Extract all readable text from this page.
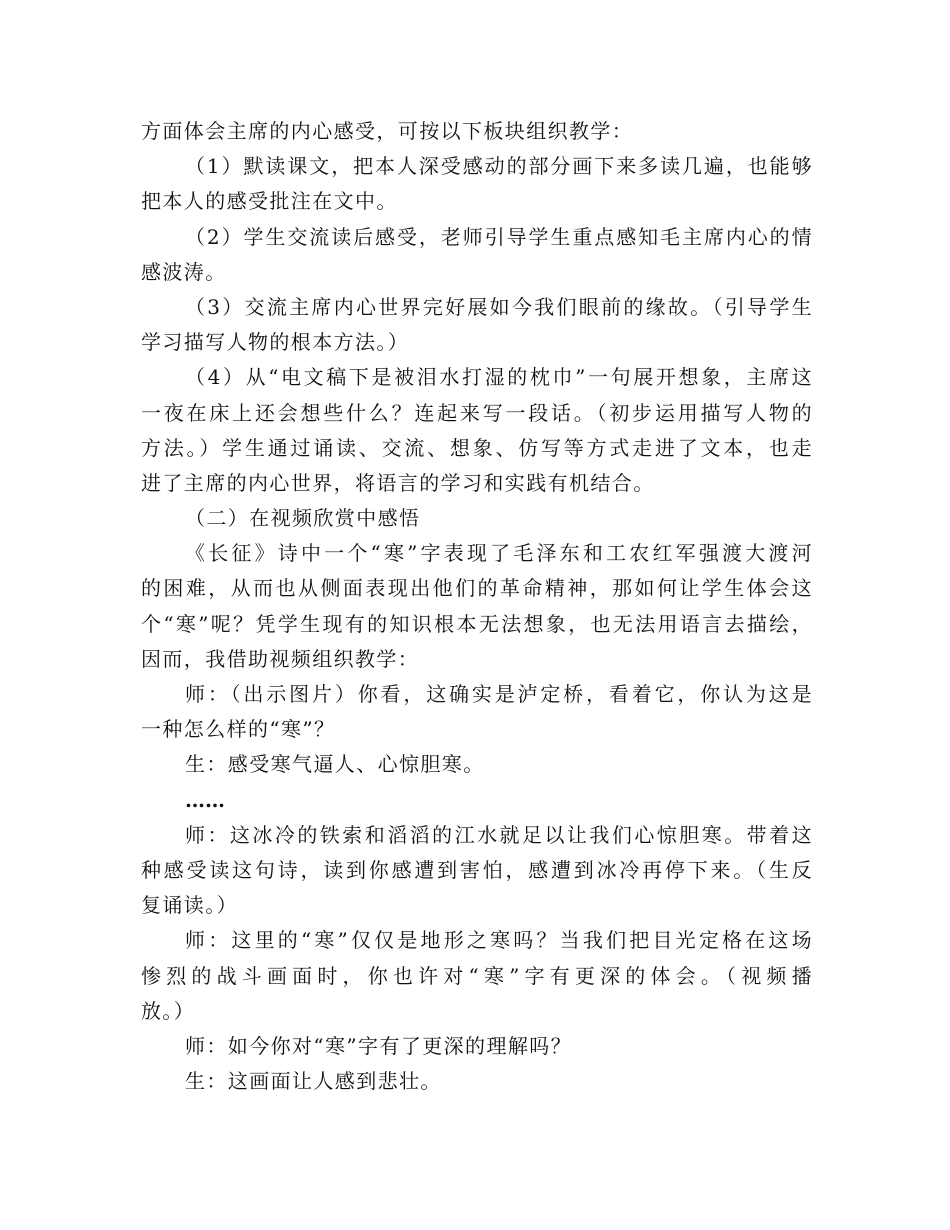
方面体会主席的内心感受，可按以下板块组织教学：
（1）默读课文，把本人深受感动的部分画下来多读几遍，也能够
把本人的感受批注在文中。
（2）学生交流读后感受，老师引导学生重点感知毛主席内心的情
感波涛。
（3）交流主席内心世界完好展如今我们眼前的缘故。（引导学生
学习描写人物的根本方法。）
（4）从“电文稿下是被泪水打湿的枕巾”一句展开想象，主席这
一夜在床上还会想些什么？连起来写一段话。（初步运用描写人物的
方法。）学生通过诵读、交流、想象、仿写等方式走进了文本，也走
进了主席的内心世界，将语言的学习和实践有机结合。
（二）在视频欣赏中感悟
《长征》诗中一个“寒”字表现了毛泽东和工农红军强渡大渡河
的困难，从而也从侧面表现出他们的革命精神，那如何让学生体会这
个“寒”呢？凭学生现有的知识根本无法想象，也无法用语言去描绘，
因而，我借助视频组织教学：
师：（出示图片）你看，这确实是泸定桥，看着它，你认为这是
一种怎么样的“寒”？
生：感受寒气逼人、心惊胆寒。
……
师：这冰冷的铁索和滔滔的江水就足以让我们心惊胆寒。带着这
种感受读这句诗，读到你感遭到害怕，感遭到冰冷再停下来。（生反
复诵读。）
师：这里的“寒”仅仅是地形之寒吗？当我们把目光定格在这场
惨烈的战斗画面时，你也许对“寒”字有更深的体会。（视频播
放。）
师：如今你对“寒”字有了更深的理解吗？
生：这画面让人感到悲壮。
